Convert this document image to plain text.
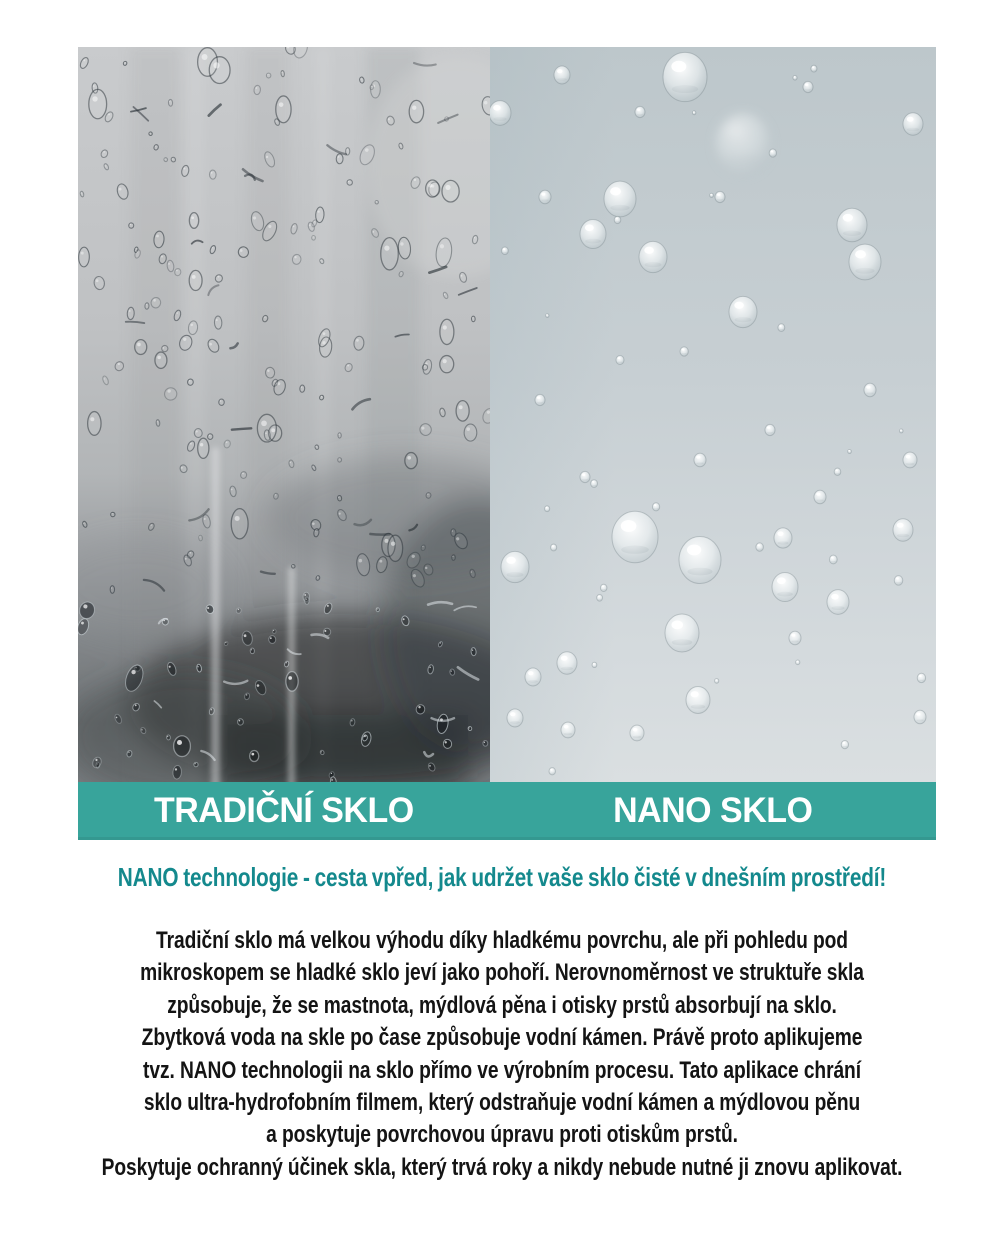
TRADIČNÍ SKLO	NANO SKLO
NANO technologie - cesta vpřed, jak udržet vaše sklo čisté v dnešním prostředí!
Tradiční sklo má velkou výhodu díky hladkému povrchu, ale při pohledu pod
mikroskopem se hladké sklo jeví jako pohoří. Nerovnoměrnost ve struktuře skla
způsobuje, že se mastnota, mýdlová pěna i otisky prstů absorbují na sklo.
Zbytková voda na skle po čase způsobuje vodní kámen. Právě proto aplikujeme
tvz. NANO technologii na sklo přímo ve výrobním procesu. Tato aplikace chrání
sklo ultra-hydrofobním filmem, který odstraňuje vodní kámen a mýdlovou pěnu
a poskytuje povrchovou úpravu proti otiskům prstů.
Poskytuje ochranný účinek skla, který trvá roky a nikdy nebude nutné ji znovu aplikovat.
